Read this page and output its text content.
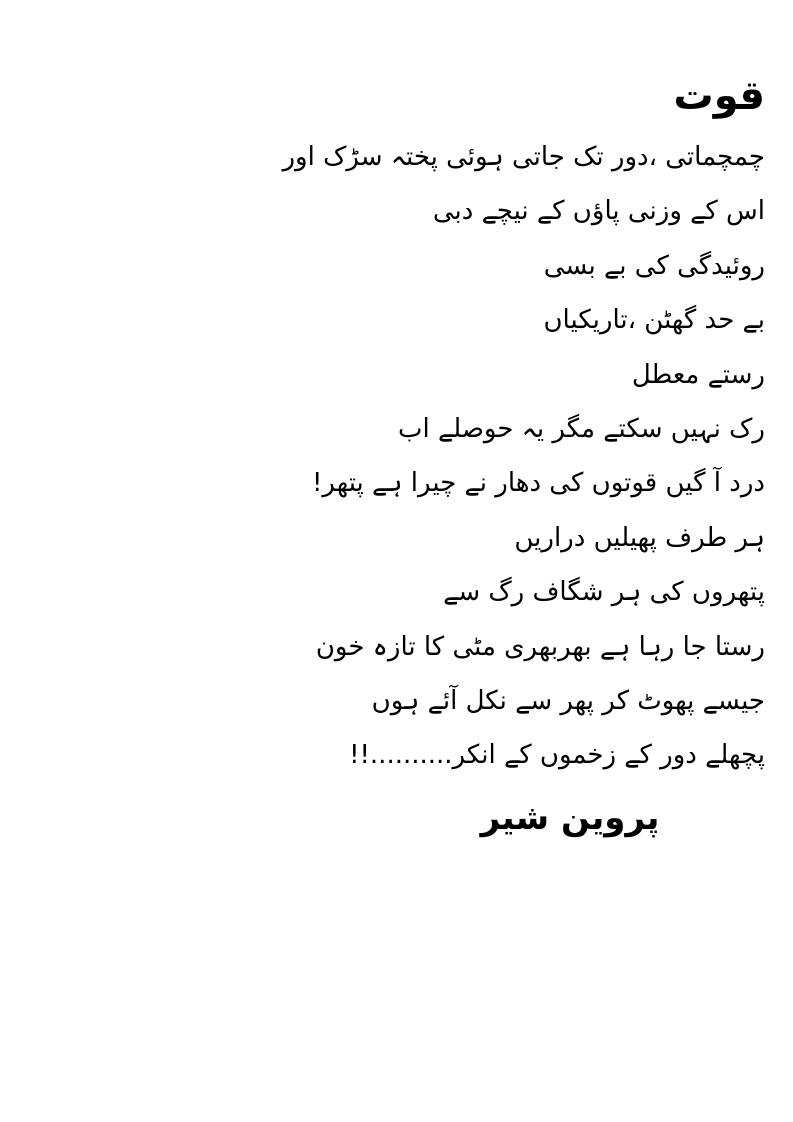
قوت
چمچماتی ،دور تک جاتی ہوئی پختہ سڑک اور
اس کے وزنی پاؤں کے نیچے دبی
روئیدگی کی بے بسی
بے حد گھٹن ،تاریکیاں
رستے معطل
رک نہیں سکتے مگر یہ حوصلے اب
درد آ گیں قوتوں کی دھار نے چیرا ہے پتھر!
ہر طرف پھیلیں دراریں
پتھروں کی ہر شگاف رگ سے
رستا جا رہا ہے بھربھری مٹی کا تازہ خون
جیسے پھوٹ کر پھر سے نکل آئے ہوں
پچھلے دور کے زخموں کے انکر..........!!
پروین شیر
